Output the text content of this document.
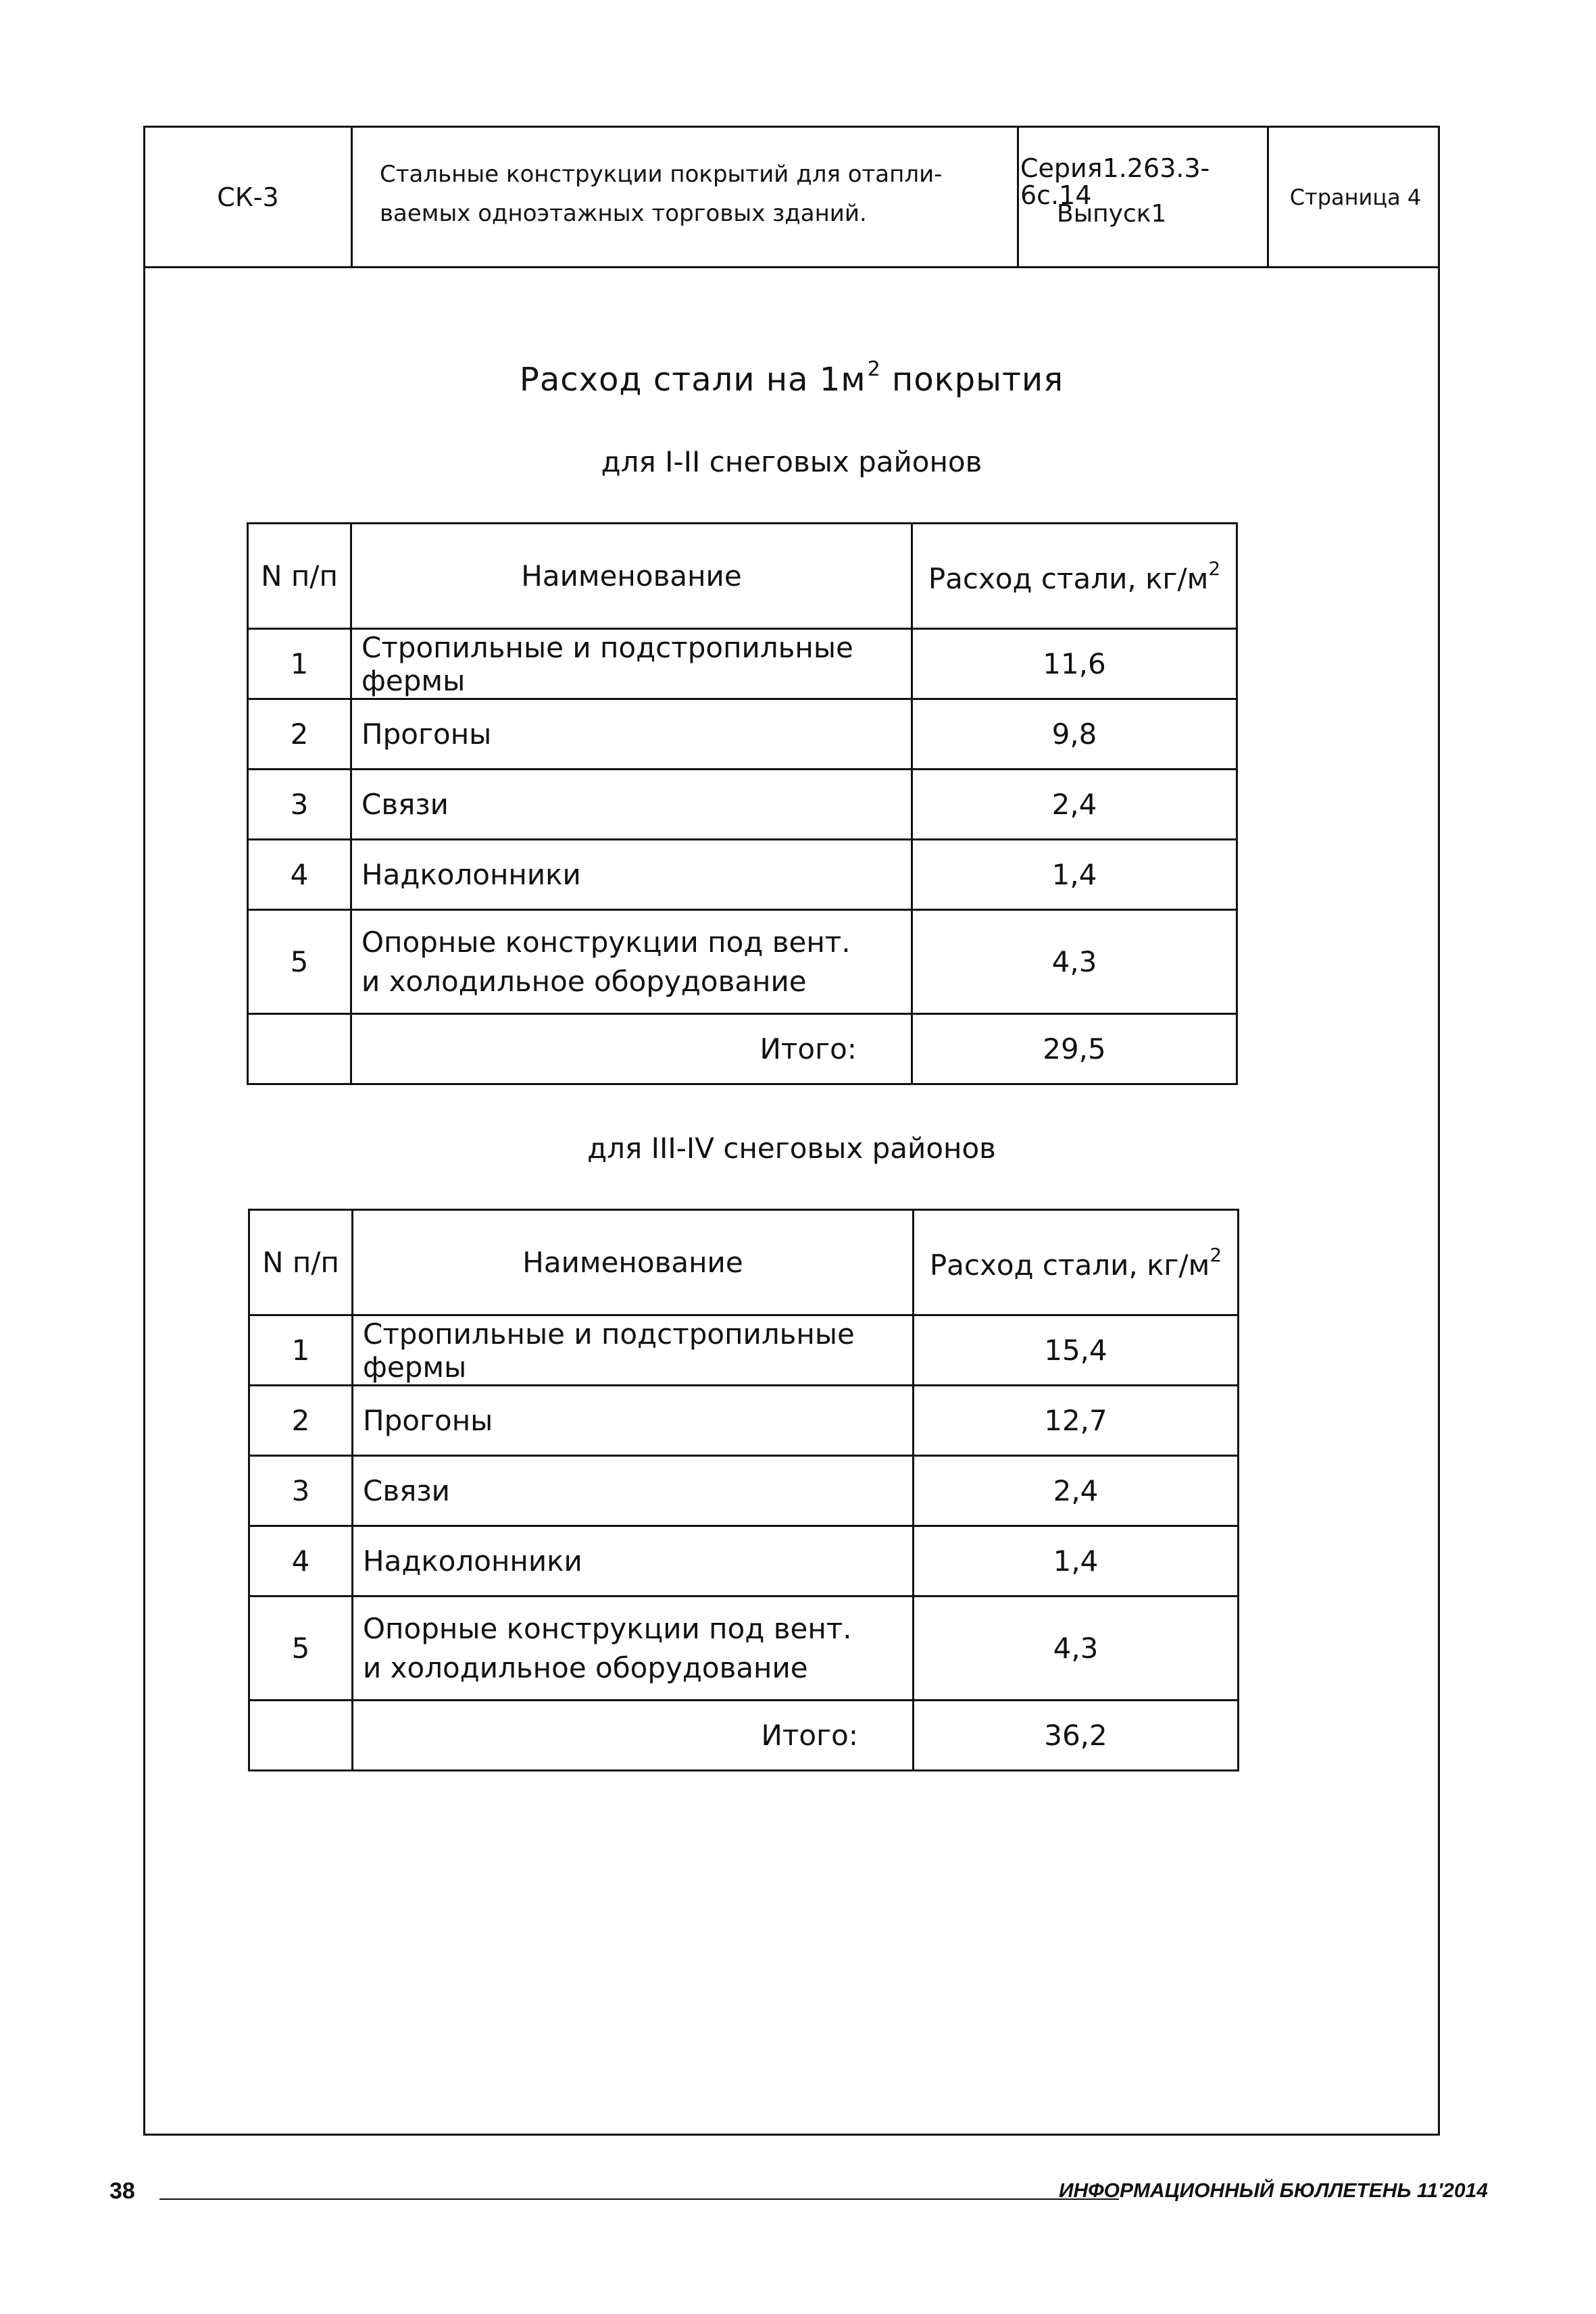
СК-3
Стальные конструкции покрытий для отапли-
ваемых одноэтажных торговых зданий.
Серия1.263.3-6с.14
Выпуск1
Страница 4
Расход стали на $1м^2$ покрытия
для I-II снеговых районов
N п/п	Наименование	Расход стали, $кг/м^2$
1	Стропильные и подстропильные фермы	11,6
2	Прогоны	9,8
3	Связи	2,4
4	Надколонники	1,4
5	Опорные конструкции под вент.
и холодильное оборудование	4,3
	Итого:	29,5
для III-IV снеговых районов
N п/п	Наименование	Расход стали, $кг/м^2$
1	Стропильные и подстропильные фермы	15,4
2	Прогоны	12,7
3	Связи	2,4
4	Надколонники	1,4
5	Опорные конструкции под вент.
и холодильное оборудование	4,3
	Итого:	36,2
38	ИНФОРМАЦИОННЫЙ БЮЛЛЕТЕНЬ 11'2014
